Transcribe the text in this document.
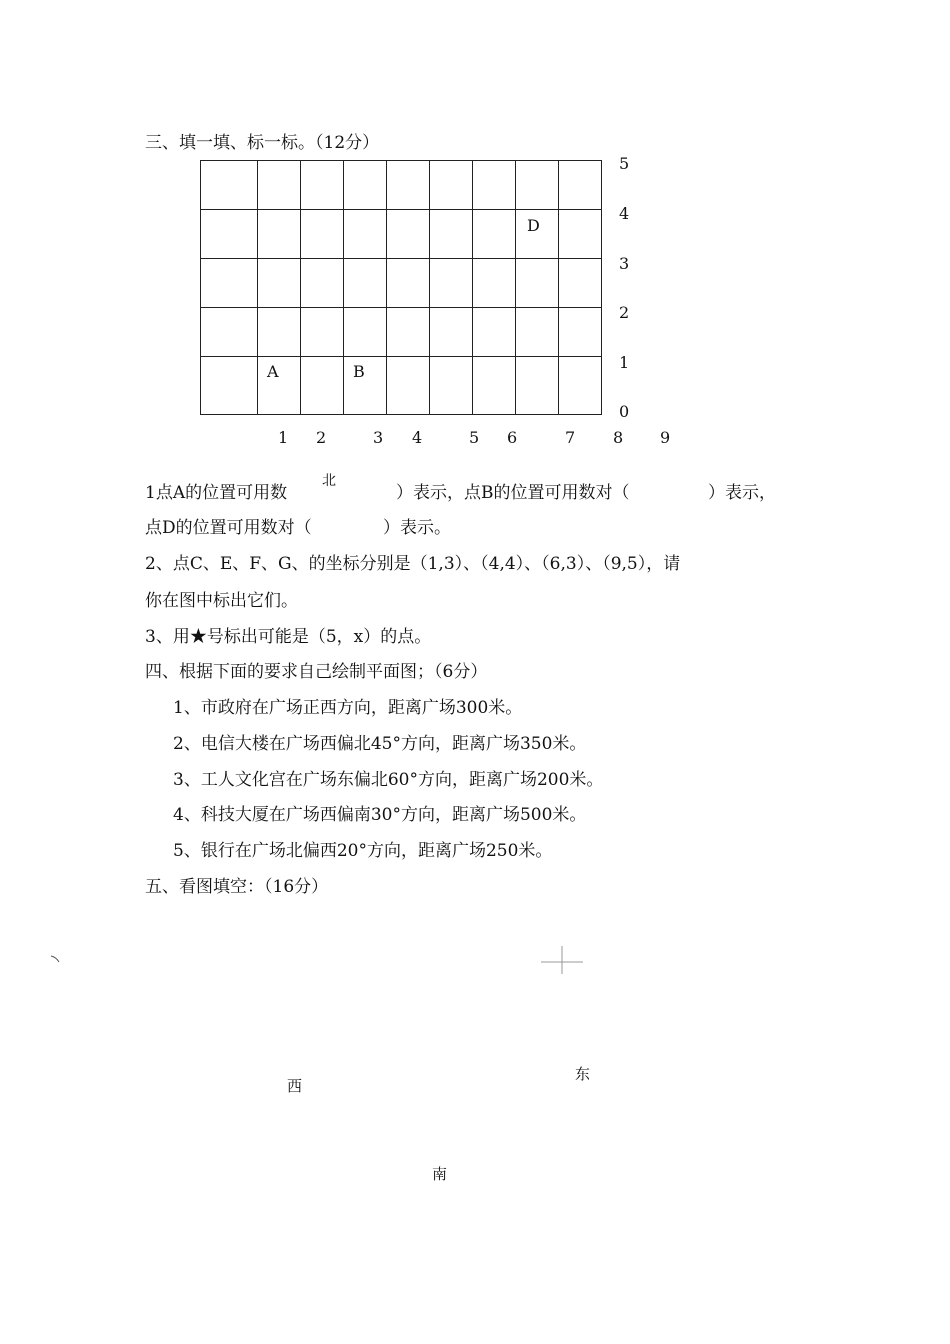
三、填一填、标一标。（12分）

A	B
D
5
4
3
2
1
0
1 2	3 4	5 6	7 8 9
1点A的位置可用数
北
）表示，点B的位置可用数对（	）表示，
点D的位置可用数对（	）表示。
2、点C、E、F、G、的坐标分别是（1,3）、（4,4）、（6,3）、（9,5），请
你在图中标出它们。
3、用★号标出可能是（5，x）的点。
四、根据下面的要求自己绘制平面图；（6分）
1、市政府在广场正西方向，距离广场300米。
2、电信大楼在广场西偏北45°方向，距离广场350米。
3、工人文化宫在广场东偏北60°方向，距离广场200米。
4、科技大厦在广场西偏南30°方向，距离广场500米。
5、银行在广场北偏西20°方向，距离广场250米。
五、看图填空：（16分）
西
东
南
